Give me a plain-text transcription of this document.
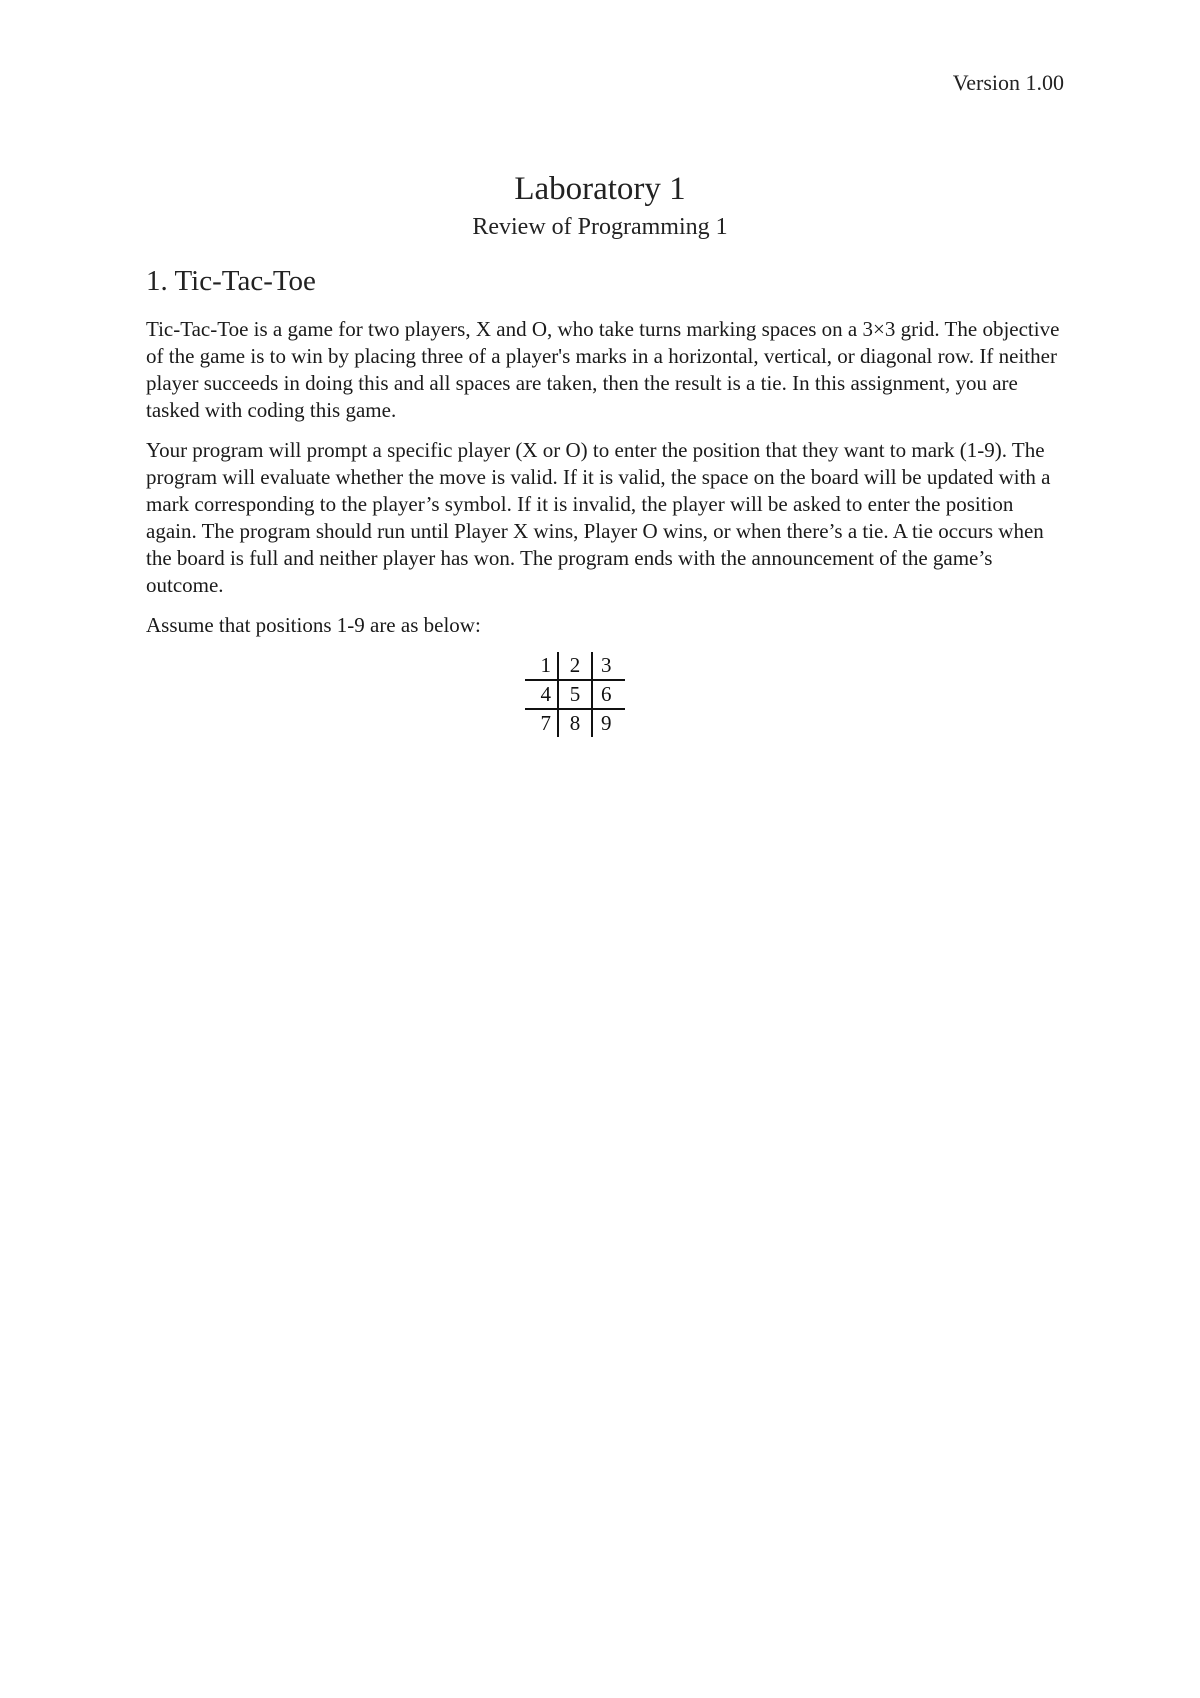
Version 1.00
Laboratory 1
Review of Programming 1
1. Tic-Tac-Toe

Tic-Tac-Toe is a game for two players, X and O, who take turns marking spaces on a 3×3 grid. The objective of the game is to win by placing three of a player's marks in a horizontal, vertical, or diagonal row. If neither player succeeds in doing this and all spaces are taken, then the result is a tie. In this assignment, you are tasked with coding this game.

Your program will prompt a specific player (X or O) to enter the position that they want to mark (1-9). The program will evaluate whether the move is valid. If it is valid, the space on the board will be updated with a mark corresponding to the player’s symbol. If it is invalid, the player will be asked to enter the position again. The program should run until Player X wins, Player O wins, or when there’s a tie. A tie occurs when the board is full and neither player has won. The program ends with the announcement of the game’s outcome.

Assume that positions 1-9 are as below:

1	2	3
4	5	6
7	8	9
